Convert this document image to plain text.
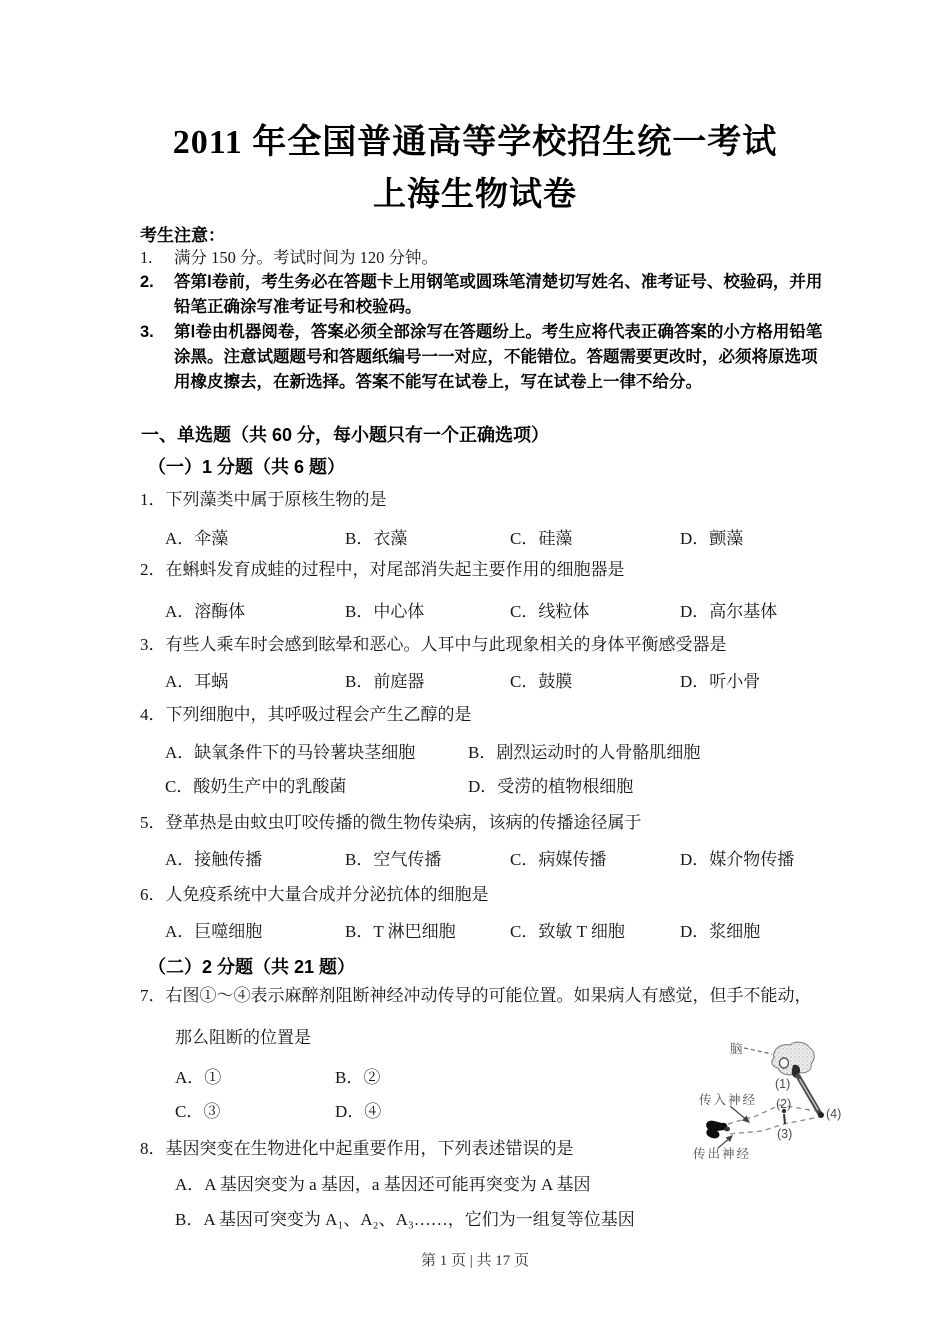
2011 年全国普通高等学校招生统一考试
上海生物试卷
考生注意：
1.	满分 150 分。考试时间为 120 分钟。
2.	答第Ⅰ卷前，考生务必在答题卡上用钢笔或圆珠笔清楚切写姓名、准考证号、校验码，并用铅笔正确涂写准考证号和校验码。
3.	第Ⅰ卷由机器阅卷，答案必须全部涂写在答题纷上。考生应将代表正确答案的小方格用铅笔涂黑。注意试题题号和答题纸编号一一对应，不能错位。答题需要更改时，必须将原选项用橡皮擦去，在新选择。答案不能写在试卷上，写在试卷上一律不给分。
一、单选题（共 60 分，每小题只有一个正确选项）
（一）1 分题（共 6 题）
1．下列藻类中属于原核生物的是
A．伞藻	B．衣藻	C．硅藻	D．颤藻
2．在蝌蚪发育成蛙的过程中，对尾部消失起主要作用的细胞器是
A．溶酶体	B．中心体	C．线粒体	D．高尔基体
3．有些人乘车时会感到眩晕和恶心。人耳中与此现象相关的身体平衡感受器是
A．耳蜗	B．前庭器	C．鼓膜	D．听小骨
4．下列细胞中，其呼吸过程会产生乙醇的是
A．缺氧条件下的马铃薯块茎细胞	B．剧烈运动时的人骨骼肌细胞
C．酸奶生产中的乳酸菌	D．受涝的植物根细胞
5．登革热是由蚊虫叮咬传播的微生物传染病，该病的传播途径属于
A．接触传播	B．空气传播	C．病媒传播	D．媒介物传播
6．人免疫系统中大量合成并分泌抗体的细胞是
A．巨噬细胞	B．T 淋巴细胞	C．致敏 T 细胞	D．浆细胞
（二）2 分题（共 21 题）
7．右图①～④表示麻醉剂阻断神经冲动传导的可能位置。如果病人有感觉，但手不能动，
那么阻断的位置是
A．①	B．②
C．③	D．④
脑
传入神经
传出神经
(1)
(2)
(3)
(4)
8．基因突变在生物进化中起重要作用，下列表述错误的是
A．A 基因突变为 a 基因，a 基因还可能再突变为 A 基因
B．A 基因可突变为 A₁、A₂、A₃……，它们为一组复等位基因
第 1 页 | 共 17 页
